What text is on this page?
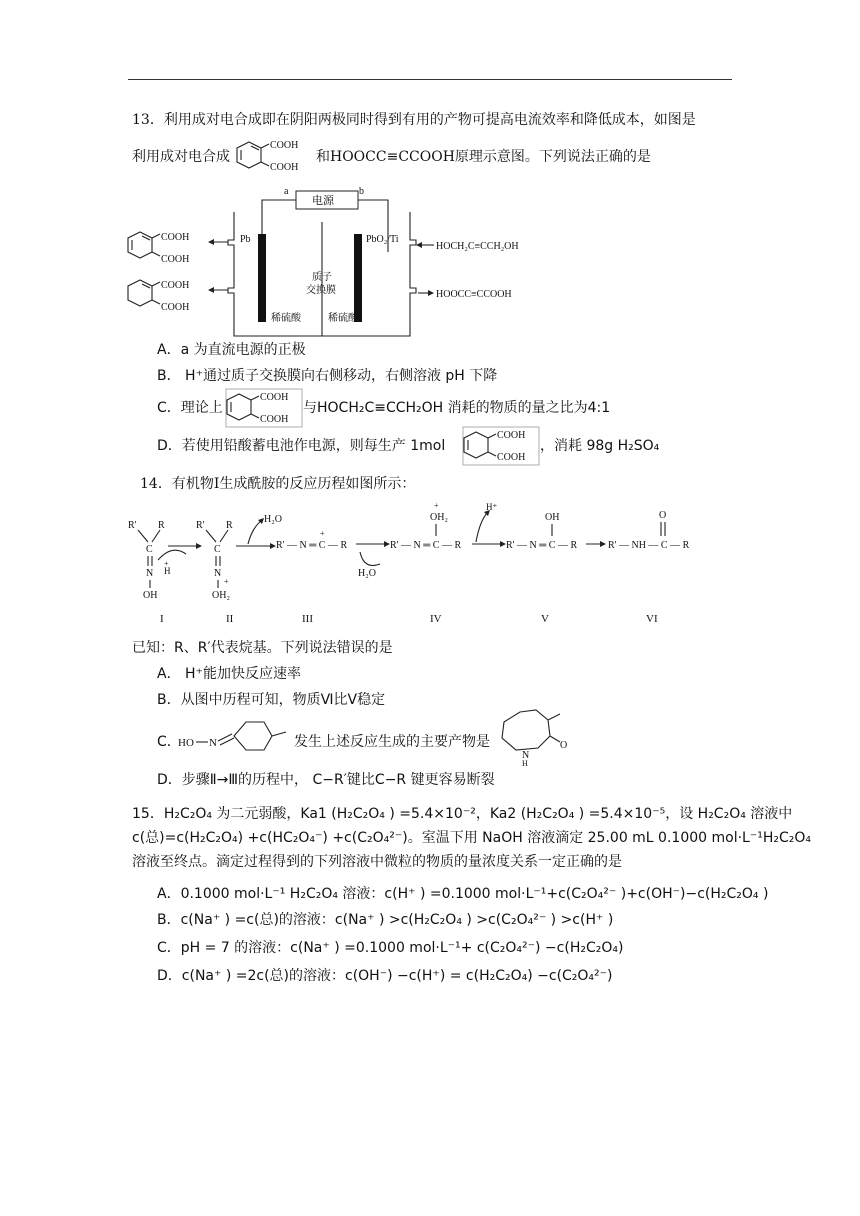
13．利用成对电合成即在阴阳两极同时得到有用的产物可提高电流效率和降低成本，如图是
利用成对电合成
COOH
COOH
和HOOCC≡CCOOH原理示意图。下列说法正确的是
电源
a	b
Pb	PbO₂/Ti
质子
交换膜
稀硫酸	稀硫酸
COOH
COOH
COOH
COOH
HOCH₂C≡CCH₂OH
HOOCC≡CCOOH
A．a 为直流电源的正极
B． H⁺通过质子交换膜向右侧移动，右侧溶液 pH 下降
C．理论上
COOH
COOH
与HOCH₂C≡CCH₂OH 消耗的物质的量之比为4:1
D．若使用铅酸蓄电池作电源，则每生产 1mol
COOH
COOH
，消耗 98g H₂SO₄
14．有机物Ⅰ生成酰胺的反应历程如图所示：
R' R
C
N
OH
H
+
R' R
C
N
+
OH₂
H₂O
R' — N ═ C — R
+
H₂O
R' — N ═ C — R
OH₂
+	H⁺
R' — N ═ C — R
OH
R' — NH — C — R
O
I	II	III	IV	V	VI
已知：R、R′代表烷基。下列说法错误的是
A． H⁺能加快反应速率
B．从图中历程可知，物质Ⅵ比Ⅴ稳定
C．
HO N	发生上述反应生成的主要产物是	O
N
H
D．步骤Ⅱ→Ⅲ的历程中， C−R′键比C−R 键更容易断裂
15．H₂C₂O₄ 为二元弱酸，Ka1 (H₂C₂O₄ ) =5.4×10⁻²，Ka2 (H₂C₂O₄ ) =5.4×10⁻⁵，设 H₂C₂O₄ 溶液中
c(总)=c(H₂C₂O₄) +c(HC₂O₄⁻) +c(C₂O₄²⁻)。室温下用 NaOH 溶液滴定 25.00 mL 0.1000 mol·L⁻¹H₂C₂O₄
溶液至终点。滴定过程得到的下列溶液中微粒的物质的量浓度关系一定正确的是
A．0.1000 mol·L⁻¹ H₂C₂O₄ 溶液：c(H⁺ ) =0.1000 mol·L⁻¹+c(C₂O₄²⁻ )+c(OH⁻)−c(H₂C₂O₄ )
B．c(Na⁺ ) =c(总)的溶液：c(Na⁺ ) >c(H₂C₂O₄ ) >c(C₂O₄²⁻ ) >c(H⁺ )
C．pH = 7 的溶液：c(Na⁺ ) =0.1000 mol·L⁻¹+ c(C₂O₄²⁻) −c(H₂C₂O₄)
D．c(Na⁺ ) =2c(总)的溶液：c(OH⁻) −c(H⁺) = c(H₂C₂O₄) −c(C₂O₄²⁻)
